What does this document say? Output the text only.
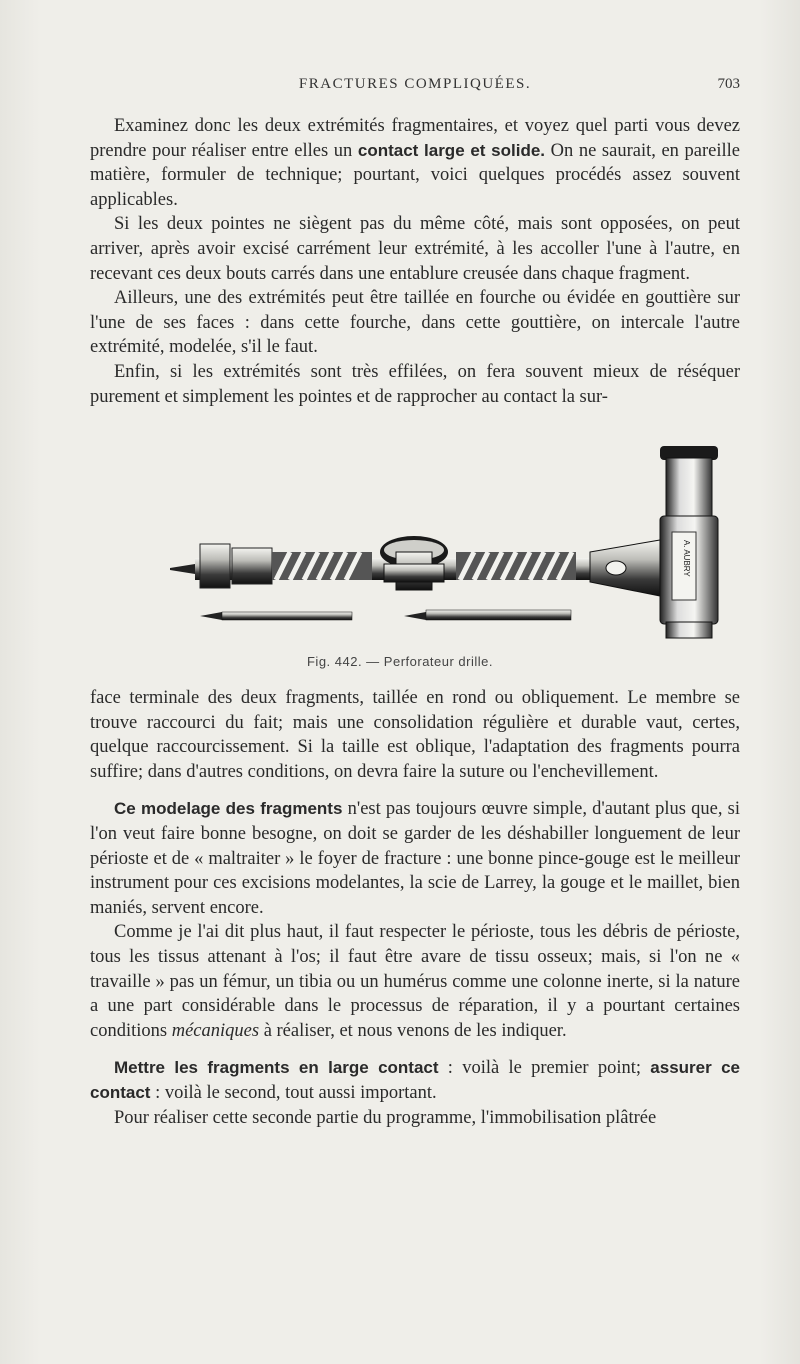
FRACTURES COMPLIQUÉES.	703

Examinez donc les deux extrémités fragmentaires, et voyez quel parti vous devez prendre pour réaliser entre elles un contact large et solide. On ne saurait, en pareille matière, formuler de technique; pourtant, voici quelques procédés assez souvent applicables.

Si les deux pointes ne siègent pas du même côté, mais sont opposées, on peut arriver, après avoir excisé carrément leur extrémité, à les accoller l'une à l'autre, en recevant ces deux bouts carrés dans une entablure creusée dans chaque fragment.

Ailleurs, une des extrémités peut être taillée en fourche ou évidée en gouttière sur l'une de ses faces : dans cette fourche, dans cette gouttière, on intercale l'autre extrémité, modelée, s'il le faut.

Enfin, si les extrémités sont très effilées, on fera souvent mieux de réséquer purement et simplement les pointes et de rapprocher au contact la sur-

A. AUBRY
Fig. 442. — Perforateur drille.

face terminale des deux fragments, taillée en rond ou obliquement. Le membre se trouve raccourci du fait; mais une consolidation régulière et durable vaut, certes, quelque raccourcissement. Si la taille est oblique, l'adaptation des fragments pourra suffire; dans d'autres conditions, on devra faire la suture ou l'enchevillement.

Ce modelage des fragments n'est pas toujours œuvre simple, d'autant plus que, si l'on veut faire bonne besogne, on doit se garder de les déshabiller longuement de leur périoste et de « maltraiter » le foyer de fracture : une bonne pince-gouge est le meilleur instrument pour ces excisions modelantes, la scie de Larrey, la gouge et le maillet, bien maniés, servent encore.

Comme je l'ai dit plus haut, il faut respecter le périoste, tous les débris de périoste, tous les tissus attenant à l'os; il faut être avare de tissu osseux; mais, si l'on ne « travaille » pas un fémur, un tibia ou un humérus comme une colonne inerte, si la nature a une part considérable dans le processus de réparation, il y a pourtant certaines conditions mécaniques à réaliser, et nous venons de les indiquer.

Mettre les fragments en large contact : voilà le premier point; assurer ce contact : voilà le second, tout aussi important.

Pour réaliser cette seconde partie du programme, l'immobilisation plâtrée
